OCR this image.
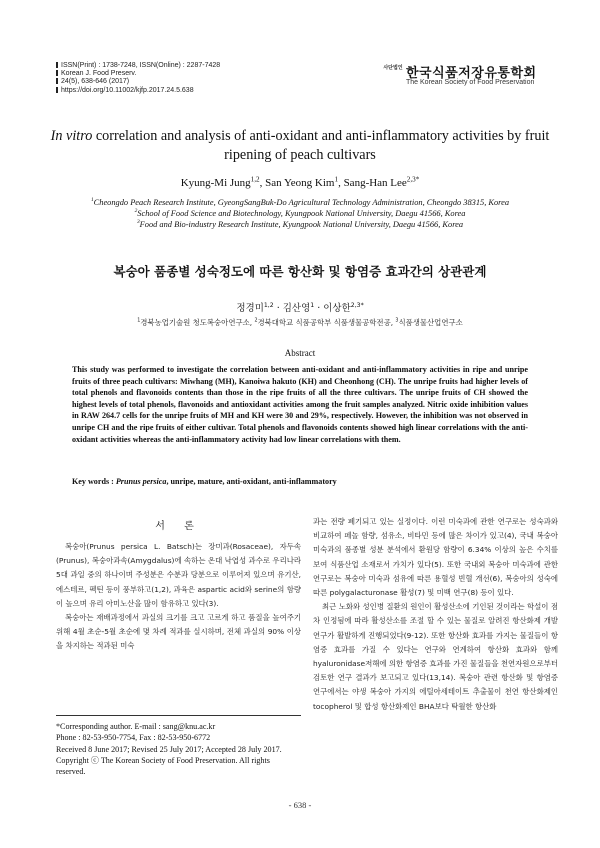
ISSN(Print) : 1738-7248, ISSN(Online) : 2287-7428
Korean J. Food Preserv.
24(5), 638-646 (2017)
https://doi.org/10.11002/kjfp.2017.24.5.638
사단법인 한국식품저장유통학회
The Korean Society of Food Preservation
In vitro correlation and analysis of anti-oxidant and anti-inflammatory activities by fruit ripening of peach cultivars
Kyung-Mi Jung$^{1,2}$, San Yeong Kim$^1$, Sang-Han Lee$^{2,3*}$
$^1$Cheongdo Peach Research Institute, GyeongSangBuk-Do Agricultural Technology Administration, Cheongdo 38315, Korea
$^2$School of Food Science and Biotechnology, Kyungpook National University, Daegu 41566, Korea
$^3$Food and Bio-industry Research Institute, Kyungpook National University, Daegu 41566, Korea
복숭아 품종별 성숙정도에 따른 항산화 및 항염증 효과간의 상관관계
정경미$^{1,2}$ · 김산영$^1$ · 이상한$^{2,3*}$
$^1$경북농업기술원 청도복숭아연구소, $^2$경북대학교 식품공학부 식품생물공학전공, $^3$식품생물산업연구소
Abstract
This study was performed to investigate the correlation between anti-oxidant and anti-inflammatory activities in ripe and unripe fruits of three peach cultivars: Miwhang (MH), Kanoiwa hakuto (KH) and Cheonhong (CH). The unripe fruits had higher levels of total phenols and flavonoids contents than those in the ripe fruits of all the three cultivars. The unripe fruits of CH showed the highest levels of total phenols, flavonoids and antioxidant activities among the fruit samples analyzed. Nitric oxide inhibition values in RAW 264.7 cells for the unripe fruits of MH and KH were 30 and 29%, respectively. However, the inhibition was not observed in unripe CH and the ripe fruits of either cultivar. Total phenols and flavonoids contents showed high linear correlations with the anti-oxidant activities whereas the anti-inflammatory activity had low linear correlations with them.
Key words : Prunus persica, unripe, mature, anti-oxidant, anti-inflammatory
서 론

복숭아(Prunus persica L. Batsch)는 장미과(Rosaceae), 자두속(Prunus), 복숭아과속(Amygdalus)에 속하는 온대 낙엽성 과수로 우리나라 5대 과일 중의 하나이며 주성분은 수분과 당분으로 이루어져 있으며 유기산, 에스테르, 펙틴 등이 풍부하고(1,2), 과육은 aspartic acid와 serine의 함량이 높으며 유리 아미노산을 많이 함유하고 있다(3).

복숭아는 재배과정에서 과실의 크기를 크고 고르게 하고 품질을 높여주기 위해 4월 초순-5월 초순에 몇 차례 적과를 실시하며, 전체 과실의 90% 이상을 차지하는 적과된 미숙

과는 전량 폐기되고 있는 실정이다. 이런 미숙과에 관한 연구로는 성숙과와 비교하여 페놀 함량, 섬유소, 비타민 등에 많은 차이가 있고(4), 국내 복숭아 미숙과의 품종별 성분 분석에서 환원당 함량이 6.34% 이상의 높은 수치를 보여 식품산업 소재로서 가치가 있다(5). 또한 국내외 복숭아 미숙과에 관한 연구로는 복숭아 미숙과 섬유에 따른 용혈성 빈혈 개선(6), 복숭아의 성숙에 따른 polygalacturonase 활성(7) 및 미백 연구(8) 등이 있다.

최근 노화와 성인병 질환의 원인이 활성산소에 기인된 것이라는 학설이 점차 인정됨에 따라 활성산소를 조절 할 수 있는 물질로 알려진 항산화제 개발 연구가 활발하게 진행되었다(9-12). 또한 항산화 효과를 가지는 물질들이 항염증 효과를 가질 수 있다는 연구와 연계하여 항산화 효과와 함께 hyaluronidase저해에 의한 항염증 효과를 가진 물질들을 천연자원으로부터 검토한 연구 결과가 보고되고 있다(13,14). 복숭아 관련 항산화 및 항염증 연구에서는 야생 복숭아 가지의 에틸아세테이트 추출물이 천연 항산화제인 tocopherol 및 합성 항산화제인 BHA보다 탁월한 항산화

*Corresponding author. E-mail : sang@knu.ac.kr

Phone : 82-53-950-7754, Fax : 82-53-950-6772

Received 8 June 2017; Revised 25 July 2017; Accepted 28 July 2017.

Copyright ⓒ The Korean Society of Food Preservation. All rights reserved.

- 638 -
